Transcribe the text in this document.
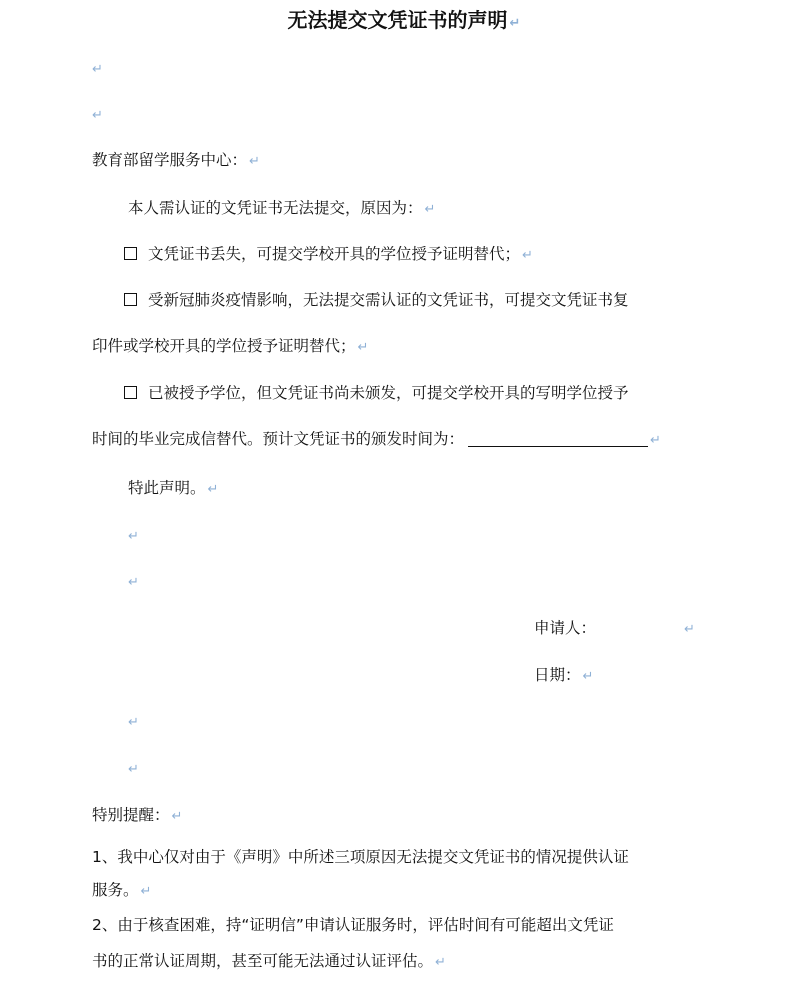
无法提交文凭证书的声明 ↵
↵
↵
教育部留学服务中心： ↵
本人需认证的文凭证书无法提交，原因为： ↵
文凭证书丢失，可提交学校开具的学位授予证明替代； ↵
受新冠肺炎疫情影响，无法提交需认证的文凭证书，可提交文凭证书复
印件或学校开具的学位授予证明替代； ↵
已被授予学位，但文凭证书尚未颁发，可提交学校开具的写明学位授予
时间的毕业完成信替代。预计文凭证书的颁发时间为：	↵
特此声明。 ↵
↵
↵
申请人：	↵
日期： ↵
↵
↵
特别提醒： ↵
1、我中心仅对由于《声明》中所述三项原因无法提交文凭证书的情况提供认证
服务。 ↵
2、由于核查困难，持“证明信”申请认证服务时，评估时间有可能超出文凭证
书的正常认证周期，甚至可能无法通过认证评估。 ↵
